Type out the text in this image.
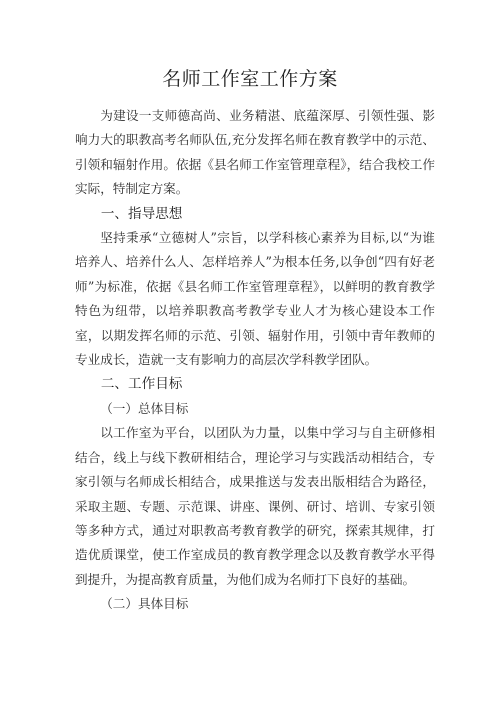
名师工作室工作方案

为建设一支师德高尚、业务精湛、底蕴深厚、引领性强、影响力大的职教高考名师队伍,充分发挥名师在教育教学中的示范、引领和辐射作用。依据《县名师工作室管理章程》，结合我校工作实际，特制定方案。

一、指导思想

坚持秉承“立德树人”宗旨，以学科核心素养为目标,以“为谁培养人、培养什么人、怎样培养人”为根本任务,以争创“四有好老师”为标准，依据《县名师工作室管理章程》，以鲜明的教育教学特色为纽带，以培养职教高考教学专业人才为核心建设本工作室，以期发挥名师的示范、引领、辐射作用，引领中青年教师的专业成长，造就一支有影响力的高层次学科教学团队。

二、工作目标

（一）总体目标

以工作室为平台，以团队为力量，以集中学习与自主研修相结合，线上与线下教研相结合，理论学习与实践活动相结合，专家引领与名师成长相结合，成果推送与发表出版相结合为路径，采取主题、专题、示范课、讲座、课例、研讨、培训、专家引领等多种方式，通过对职教高考教育教学的研究，探索其规律，打造优质课堂，使工作室成员的教育教学理念以及教育教学水平得到提升，为提高教育质量，为他们成为名师打下良好的基础。

（二）具体目标
